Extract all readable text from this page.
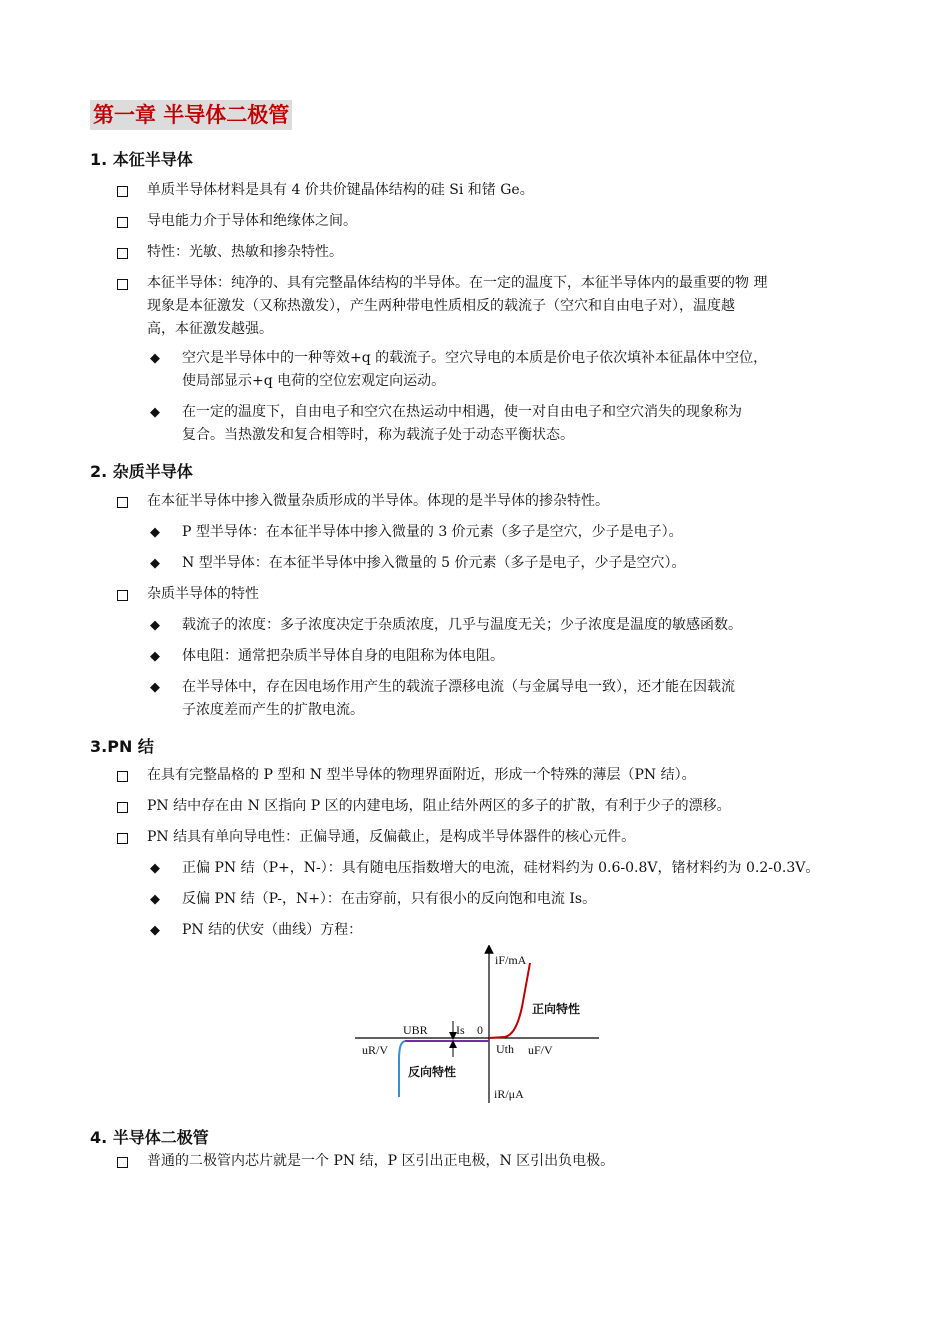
第一章 半导体二极管
1. 本征半导体
单质半导体材料是具有 4 价共价键晶体结构的硅 Si 和锗 Ge。
导电能力介于导体和绝缘体之间。
特性：光敏、热敏和掺杂特性。
本征半导体：纯净的、具有完整晶体结构的半导体。在一定的温度下，本征半导体内的最重要的物 理
现象是本征激发（又称热激发），产生两种带电性质相反的载流子（空穴和自由电子对），温度越
高，本征激发越强。
◆ 空穴是半导体中的一种等效+q 的载流子。空穴导电的本质是价电子依次填补本征晶体中空位，
使局部显示+q 电荷的空位宏观定向运动。
◆ 在一定的温度下，自由电子和空穴在热运动中相遇，使一对自由电子和空穴消失的现象称为
复合。当热激发和复合相等时，称为载流子处于动态平衡状态。
2. 杂质半导体
在本征半导体中掺入微量杂质形成的半导体。体现的是半导体的掺杂特性。
◆ P 型半导体：在本征半导体中掺入微量的 3 价元素（多子是空穴，少子是电子）。
◆ N 型半导体：在本征半导体中掺入微量的 5 价元素（多子是电子，少子是空穴）。
杂质半导体的特性
◆ 载流子的浓度：多子浓度决定于杂质浓度，几乎与温度无关；少子浓度是温度的敏感函数。
◆ 体电阻：通常把杂质半导体自身的电阻称为体电阻。
◆ 在半导体中，存在因电场作用产生的载流子漂移电流（与金属导电一致），还才能在因载流
子浓度差而产生的扩散电流。
3.PN 结
在具有完整晶格的 P 型和 N 型半导体的物理界面附近，形成一个特殊的薄层（PN 结）。
PN 结中存在由 N 区指向 P 区的内建电场，阻止结外两区的多子的扩散，有利于少子的漂移。
PN 结具有单向导电性：正偏导通，反偏截止，是构成半导体器件的核心元件。
◆ 正偏 PN 结（P+，N-）：具有随电压指数增大的电流，硅材料约为 0.6-0.8V，锗材料约为 0.2-0.3V。
◆ 反偏 PN 结（P-，N+）：在击穿前，只有很小的反向饱和电流 Is。
◆ PN 结的伏安（曲线）方程：
iF/mA
正向特性
UBR Is 0
uR/V	Uth uF/V
反向特性
iR/μA
4. 半导体二极管
普通的二极管内芯片就是一个 PN 结，P 区引出正电极，N 区引出负电极。
